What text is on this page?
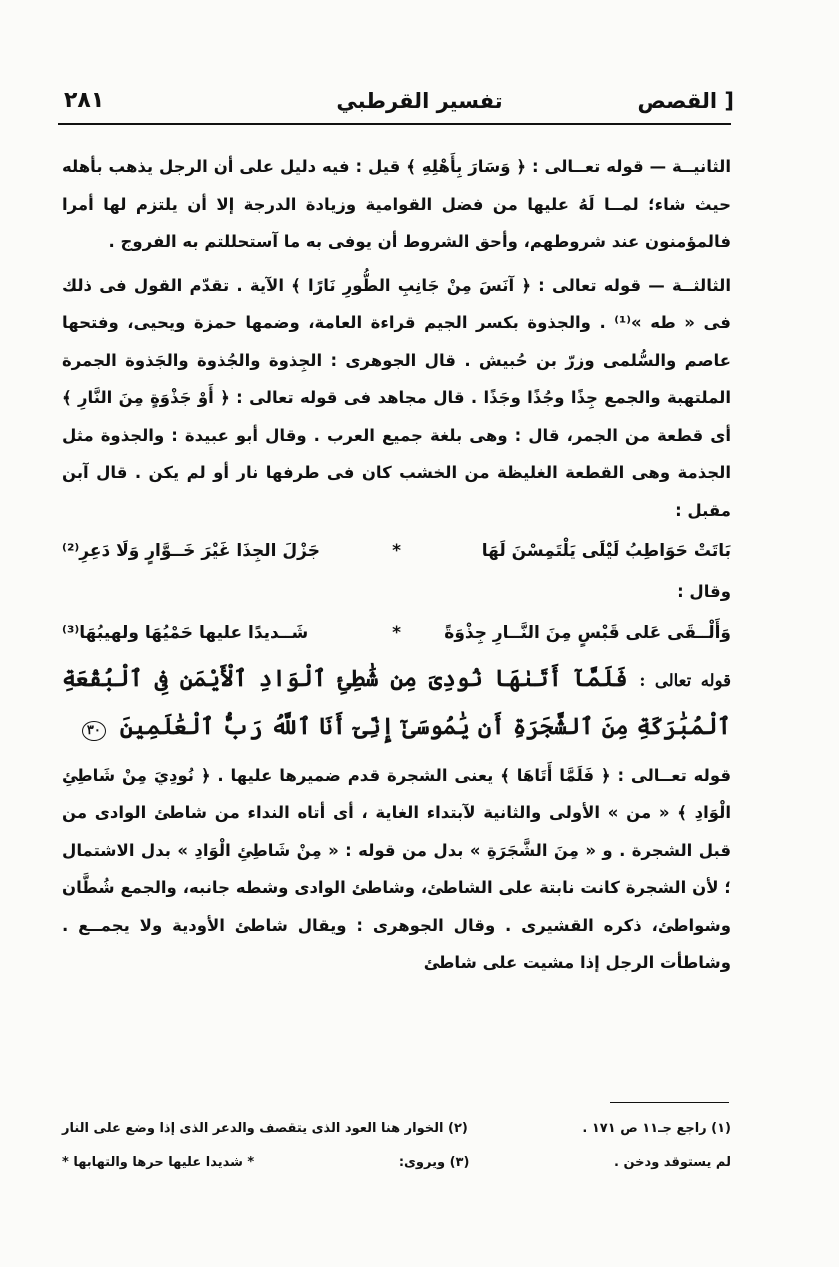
٢٨١	تفسير القرطبي	القصص ]

الثانيــة — قوله تعــالى : ﴿ وَسَارَ بِأَهْلِهِ ﴾ قيل : فيه دليل على أن الرجل يذهب بأهله حيث شاء؛ لمــا لَهُ عليها من فضل القوامية وزيادة الدرجة إلا أن يلتزم لها أمرا فالمؤمنون عند شروطهم، وأحق الشروط أن يوفى به ما آستحللتم به الفروج .

الثالثــة — قوله تعالى : ﴿ آنَسَ مِنْ جَانِبِ الطُّورِ نَارًا ﴾ الآية . تقدّم القول فى ذلك فى « طه »⁽¹⁾ . والجذوة بكسر الجيم قراءة العامة، وضمها حمزة ويحيى، وفتحها عاصم والسُّلمى وزرّ بن حُبيش . قال الجوهرى : الجِذوة والجُذوة والجَذوة الجمرة الملتهبة والجمع جِذًا وجُذًا وجَذًا . قال مجاهد فى قوله تعالى : ﴿ أَوْ جَذْوَةٍ مِنَ النَّارِ ﴾ أى قطعة من الجمر، قال : وهى بلغة جميع العرب . وقال أبو عبيدة : والجذوة مثل الجذمة وهى القطعة الغليظة من الخشب كان فى طرفها نار أو لم يكن . قال آبن مقبل :

بَاتَتْ حَوَاطِبُ لَيْلَى يَلْتَمِسْنَ لَهَا*جَزْلَ الجِذَا غَيْرَ خَــوَّارٍ وَلَا دَعِرِ⁽²⁾

وقال :

وَأَلْــقَى عَلى قَبْسٍ مِنَ النَّــارِ جِذْوَةً*شَــديدًا عليها حَمْيُهَا ولهيبُهَا⁽³⁾

قوله تعالى : فَلَمَّآ أَتَىٰهَا نُودِىَ مِن شَٰطِئِ ٱلْوَادِ ٱلْأَيْمَنِ فِى ٱلْبُقْعَةِ ٱلْمُبَٰرَكَةِ مِنَ ٱلشَّجَرَةِ أَن يَٰمُوسَىٰٓ إِنِّىٓ أَنَا ٱللَّهُ رَبُّ ٱلْعَٰلَمِينَ ٣٠

قوله تعــالى : ﴿ فَلَمَّا أَتَاهَا ﴾ يعنى الشجرة قدم ضميرها عليها . ﴿ نُودِيَ مِنْ شَاطِئِ الْوَادِ ﴾ « من » الأولى والثانية لآبتداء الغاية ، أى أتاه النداء من شاطئ الوادى من قبل الشجرة . و « مِنَ الشَّجَرَةِ » بدل من قوله : « مِنْ شَاطِئِ الْوَادِ » بدل الاشتمال ؛ لأن الشجرة كانت نابتة على الشاطئ، وشاطئ الوادى وشطه جانبه، والجمع شُطَّان وشواطئ، ذكره القشيرى . وقال الجوهرى : ويقال شاطئ الأودية ولا يجمــع . وشاطأت الرجل إذا مشيت على شاطئ

(١) راجع جـ١١ ص ١٧١ .
(٢) الخوار هنا العود الذى يتقصف والدعر الذى إذا وضع على النار
لم يستوقد ودخن .
(٣) ويروى:
* شديدا عليها حرها والتهابها *
